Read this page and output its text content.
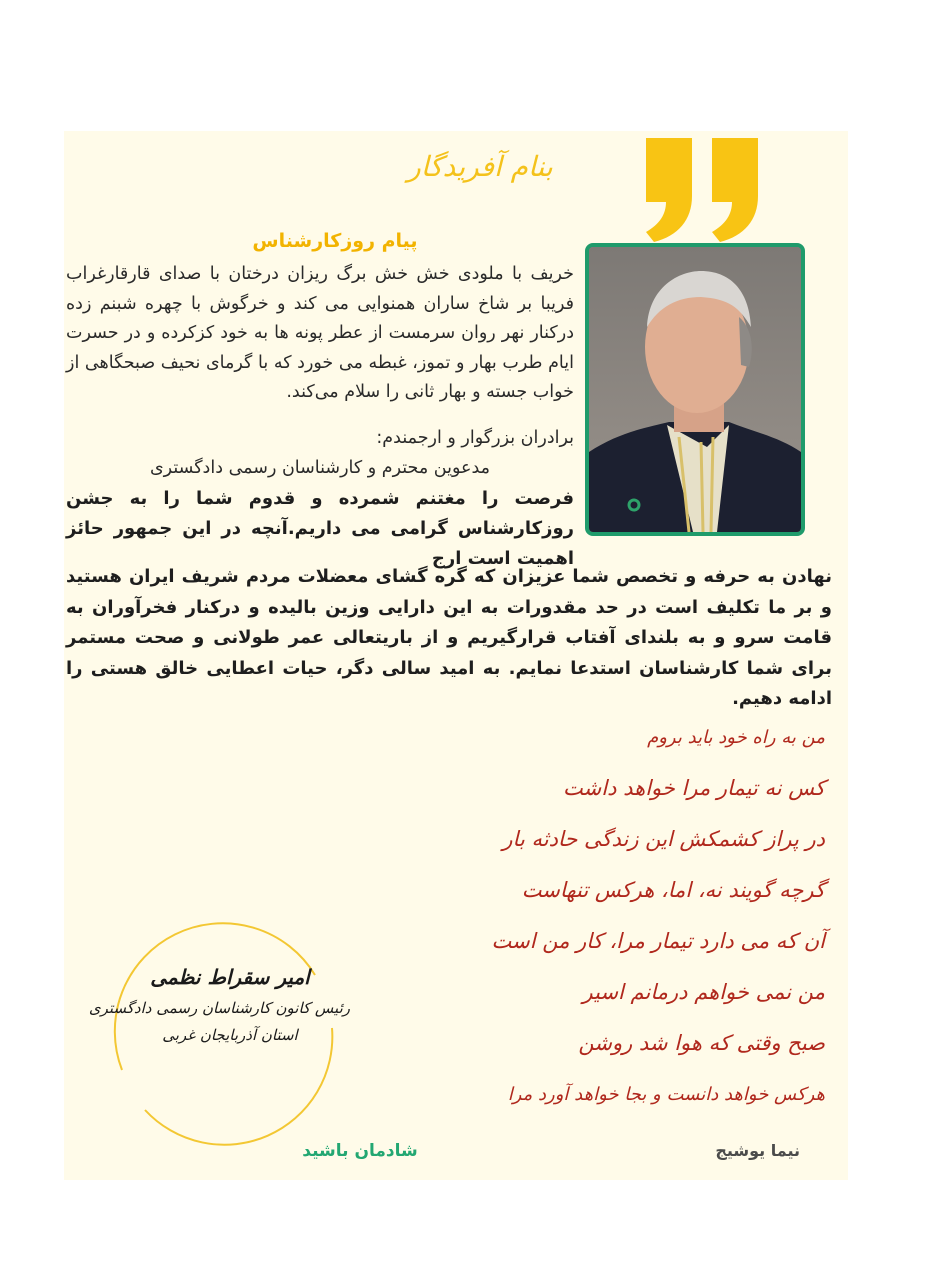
بنام آفریدگار
پیام روزکارشناس
خریف با ملودی خش خش برگ ریزان درختان با صدای قارقارغراب فریبا بر شاخ ساران همنوایی می کند و خرگوش با چهره شبنم زده درکنار نهر روان سرمست از عطر پونه ها به خود کزکرده و در حسرت ایام طرب بهار و تموز، غبطه می خورد که با گرمای نحیف صبحگاهی از خواب جسته و بهار ثانی را سلام می‌کند.
برادران بزرگوار و ارجمندم:
مدعوین محترم و کارشناسان رسمی دادگستری
فرصت را مغتنم شمرده و قدوم شما را به جشن روزکارشناس گرامی می داریم.آنچه در این جمهور حائز اهمیت است ارج
نهادن به حرفه و تخصص شما عزیزان که گره گشای معضلات مردم شریف ایران هستید و بر ما تکلیف است در حد مقدورات به این دارایی وزین بالیده و درکنار فخرآوران به قامت سرو و به بلندای آفتاب قرارگیریم و از باریتعالی عمر طولانی و صحت مستمر برای شما کارشناسان استدعا نمایم. به امید سالی دگر، حیات اعطایی خالق هستی را ادامه دهیم.
من به راه خود باید بروم
کس نه تیمار مرا خواهد داشت
در پراز کشمکش این زندگی حادثه بار
گرچه گویند نه، اما، هرکس تنهاست
آن که می دارد تیمار مرا، کار من است
من نمی خواهم درمانم اسیر
صبح وقتی که هوا شد روشن
هرکس خواهد دانست و بجا خواهد آورد مرا
نیما یوشیج
امیر سقراط نظمی
رئیس کانون کارشناسان رسمی دادگستری
استان آذربایجان غربی
شادمان باشید
